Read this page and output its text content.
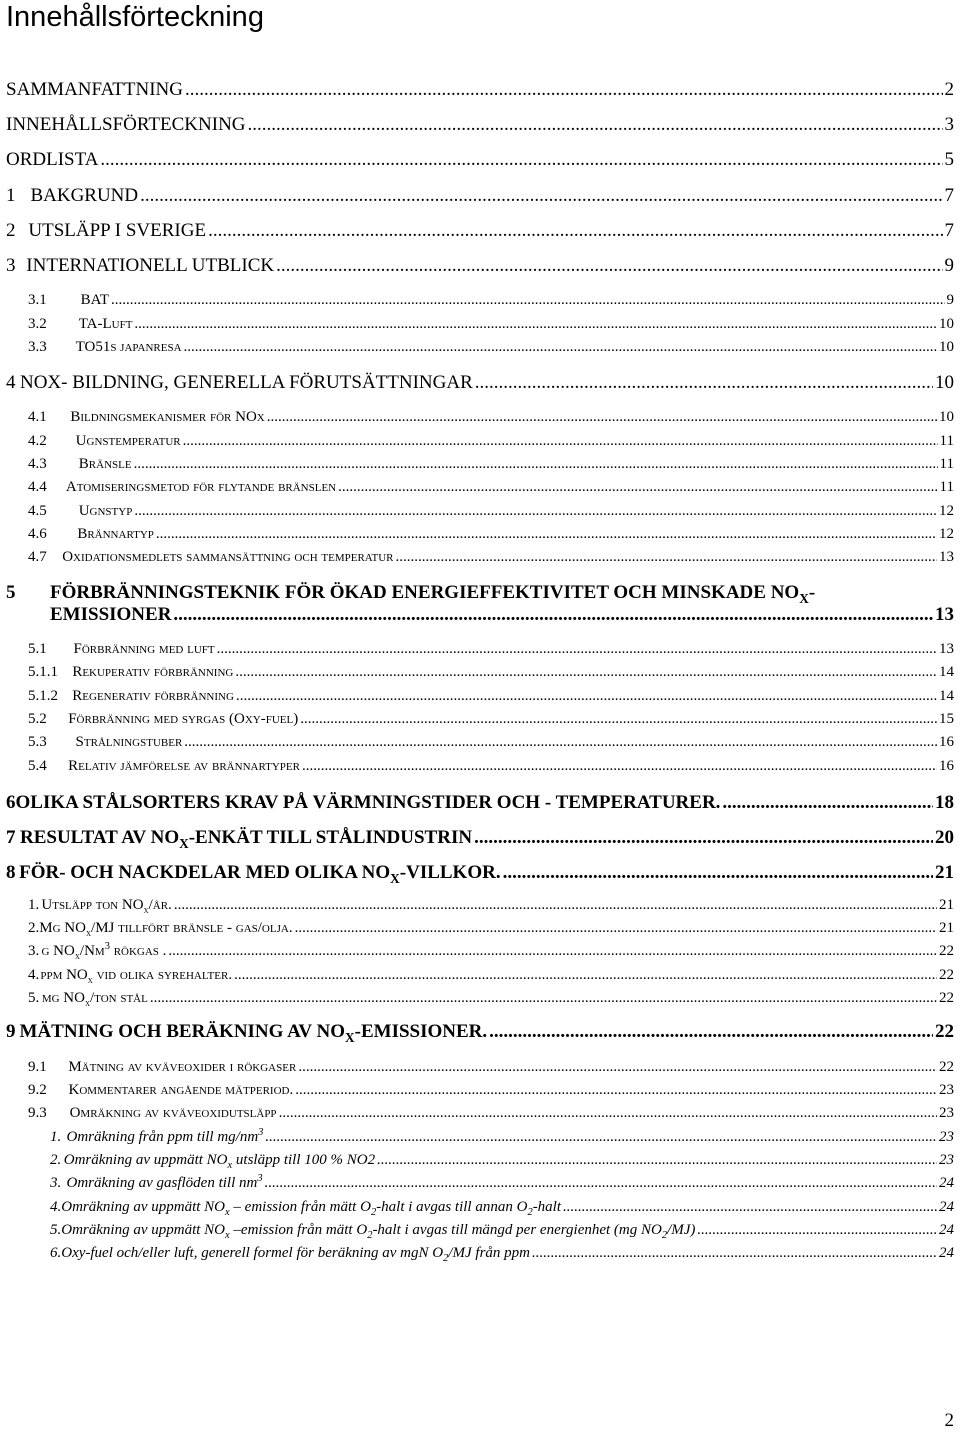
Innehållsförteckning
SAMMANFATTNING .....	2
INNEHÅLLSFÖRTECKNING .....	3
ORDLISTA .....	5
1 BAKGRUND .....	7
2 UTSLÄPP I SVERIGE .....	7
3 INTERNATIONELL UTBLICK .....	9
3.1	BAT .....	9
3.2	TA-Luft .....	10
3.3	TO51s japanresa .....	10
4 NOX- BILDNING, GENERELLA FÖRUTSÄTTNINGAR .....	10
4.1	Bildningsmekanismer för NOx .....	10
4.2	Ugnstemperatur .....	11
4.3	Bränsle .....	11
4.4	Atomiseringsmetod för flytande bränslen .....	11
4.5	Ugnstyp .....	12
4.6	Brännartyp .....	12
4.7	Oxidationsmedlets sammansättning och temperatur .....	13
5	FÖRBRÄNNINGSTEKNIK FÖR ÖKAD ENERGIEFFEKTIVITET OCH MINSKADE $NO_X-$
EMISSIONER .....	13
5.1	Förbränning med luft .....	13
5.1.1 Rekuperativ förbränning .....	14
5.1.2 Regenerativ förbränning .....	14
5.2	Förbränning med syrgas (Oxy-fuel) .....	15
5.3	Strålningstuber .....	16
5.4	Relativ jämförelse av brännartyper .....	16
6 OLIKA STÅLSORTERS KRAV PÅ VÄRMNINGSTIDER OCH - TEMPERATURER. .....	18
7 RESULTAT AV $NO_X$-ENKÄT TILL STÅLINDUSTRIN .....	20
8 FÖR- OCH NACKDELAR MED OLIKA $NO_X$-VILLKOR. .....	21
1. Utsläpp ton $NO_x/år$. .....	21
2. Mg $NO_x/MJ$ tillfört bränsle - gas/olja. .....	21
3. g $NO_x/Nm^3$ rökgas . .....	22
4. ppm $NO_x$ vid olika syrehalter. .....	22
5. mg $NO_x$/ton stål .....	22
9 MÄTNING OCH BERÄKNING AV $NO_X$-EMISSIONER. .....	22
9.1	Mätning av kväveoxider i rökgaser .....	22
9.2	Kommentarer angående mätperiod. .....	23
9.3	Omräkning av kväveoxidutsläpp .....	23
1. Omräkning från ppm till $mg/nm^3$ .....	23
2. Omräkning av uppmätt $NO_x$ utsläpp till 100 % NO2 .....	23
3. Omräkning av gasflöden till $nm^3$ .....	24
4. Omräkning av uppmätt $NO_x$ – emission från mätt $O_2$-halt i avgas till annan $O_2$-halt .....	24
5. Omräkning av uppmätt $NO_x$ –emission från mätt $O_2$-halt i avgas till mängd per energienhet (mg $NO_2/MJ$) .....	24
6. Oxy-fuel och/eller luft, generell formel för beräkning av mgN $O_2/MJ$ från ppm .....	24
2
